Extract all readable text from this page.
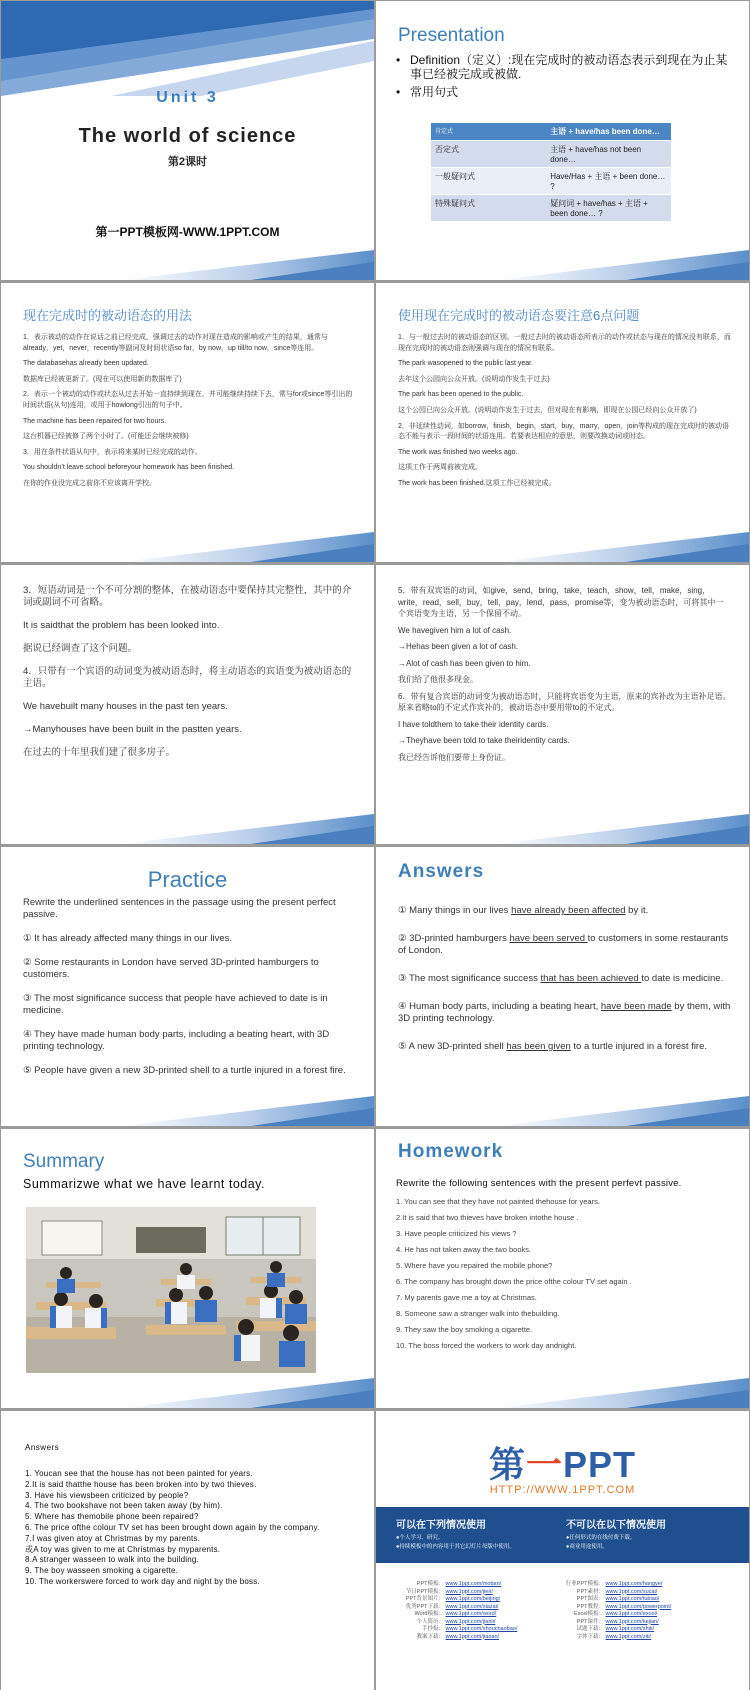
Unit 3
The world of science
第2课时
第一PPT模板网-WWW.1PPT.COM
Presentation
• Definition（定义）:现在完成时的被动语态表示到现在为止某事已经被完成或被做.
• 常用句式
肯定式	主语 + have/has been done…
否定式	主语 + have/has not been done…
一般疑问式	Have/Has + 主语 + been done… ?
特殊疑问式	疑问词 + have/has + 主语 + been done… ?
现在完成时的被动语态的用法

1．表示被动的动作在说话之前已经完成，强调过去的动作对现在造成的影响或产生的结果，通常与already，yet，never，recently等副词及时间状语so far，by now，up till/to now，since等连用。

The databasehas already been updated.

数据库已经被更新了。(现在可以使用新的数据库了)

2．表示一个被动的动作或状态从过去开始一直持续到现在，并可能继续持续下去，常与for或since等引出的时间状语(从句)连用，或用于howlong引出的句子中。

The machine has been repaired for two hours.

这台机器已经被修了两个小时了。(可能还会继续被修)

3．用在条件状语从句中，表示将来某时已经完成的动作。

You shouldn’t leave school beforeyour homework has been finished.

在你的作业没完成之前你不应该离开学校。

使用现在完成时的被动语态要注意6点问题

1．与一般过去时的被动语态的区别。一般过去时的被动语态所表示的动作或状态与现在的情况没有联系，而现在完成时的被动语态则强调与现在的情况有联系。

The park wasopened to the public last year.

去年这个公园向公众开放。(说明动作发生于过去)

The park has been opened to the public.

这个公园已向公众开放。(说明动作发生于过去，但对现在有影响，即现在公园已经向公众开放了)

2．非延续性动词，如borrow，finish，begin，start，buy，marry，open，join等构成的现在完成时的被动语态不能与表示一段时间的状语连用。若要表达相应的意思，则要改换动词或时态。

The work was finished two weeks ago.

这项工作于两周前被完成。

The work has been finished.这项工作已经被完成。

3．短语动词是一个不可分割的整体，在被动语态中要保持其完整性，其中的介词或副词不可省略。

It is saidthat the problem has been looked into.

据说已经调查了这个问题。

4．只带有一个宾语的动词变为被动语态时，将主动语态的宾语变为被动语态的主语。

We havebuilt many houses in the past ten years.

→Manyhouses have been built in the pastten years.

在过去的十年里我们建了很多房子。

5．带有双宾语的动词，如give，send，bring，take，teach，show，tell，make，sing，write，read，sell，buy，tell，pay，lend，pass，promise等，变为被动语态时，可将其中一个宾语变为主语，另一个保留不动。

We havegiven him a lot of cash.

→Hehas been given a lot of cash.

→Alot of cash has been given to him.

我们给了他很多现金。

6．带有复合宾语的动词变为被动语态时，只能将宾语变为主语，原来的宾补改为主语补足语。原来省略to的不定式作宾补的，被动语态中要用带to的不定式。

I have toldthem to take their identity cards.

→Theyhave been told to take theiridentity cards.

我已经告诉他们要带上身份证。

Practice

Rewrite the underlined sentences in the passage using the present perfect passive.

① It has already affected many things in our lives.

② Some restaurants in London have served 3D-printed hamburgers to customers.

③ The most significance success that people have achieved to date is in medicine.

④ They have made human body parts, including a beating heart, with 3D printing technology.

⑤ People have given a new 3D-printed shell to a turtle injured in a forest fire.

Answers

① Many things in our lives have already been affected by it.

② 3D-printed hamburgers have been served to customers in some restaurants of London.

③ The most significance success that has been achieved to date is medicine.

④ Human body parts, including a beating heart, have been made by them, with 3D printing technology.

⑤ A new 3D-printed shell has been given to a turtle injured in a forest fire.

Summary
Summarizwe what we have learnt today.
Homework
Rewrite the following sentences with the present perfevt passive.

1. You can see that they have not painted thehouse for years.

2.It is said that two thieves have broken intothe house .

3. Have people criticized his views ?

4. He has not taken away the two books.

5. Where have you repaired the mobile phone?

6. The company has brought down the price ofthe colour TV set again .

7. My parents gave me a toy at Christmas.

8. Someone saw a stranger walk into thebuilding.

9. They saw the boy smoking a cigarette.

10. The boss forced the workers to work day andnight.

Answers
1. Youcan see that the house has not been painted for years.
2.It is said thatthe house has been broken into by two thieves.
3. Have his viewsbeen criticized by people?
4. The two bookshave not been taken away (by him).
5. Where has themobile phone been repaired?
6. The price ofthe colour TV set has been brought down again by the company.
7.I was given atoy at Christmas by my parents.
或A toy was given to me at Christmas by myparents.
8.A stranger wasseen to walk into the building.
9. The boy wasseen smoking a cigarette.
10. The workerswere forced to work day and night by the boss.
第一PPT
HTTP://WWW.1PPT.COM
可以在下列情况使用
●个人学习、研究。
●持续模板中的内容用于其它幻灯片母版中使用。
不可以在以下情况使用
●任何形式的在线付费下载。
●商业用途使用。
PPT模板： www.1ppt.com/moban/
节日PPT模板： www.1ppt.com/jieri/
PPT背景图片： www.1ppt.com/beijing/
优秀PPT下载： www.1ppt.com/xiazai/
Word模板： www.1ppt.com/word/
个人简历： www.1ppt.com/jianli/
手抄报： www.1ppt.com/shouchaobao/
教案下载： www.1ppt.com/jiaoan/
行业PPT模板： www.1ppt.com/hangye/
PPT素材： www.1ppt.com/sucai/
PPT图表： www.1ppt.com/tubiao/
PPT教程： www.1ppt.com/powerpoint/
Excel模板： www.1ppt.com/excel/
PPT课件： www.1ppt.com/kejian/
试题下载： www.1ppt.com/shiti/
字体下载： www.1ppt.com/ziti/
